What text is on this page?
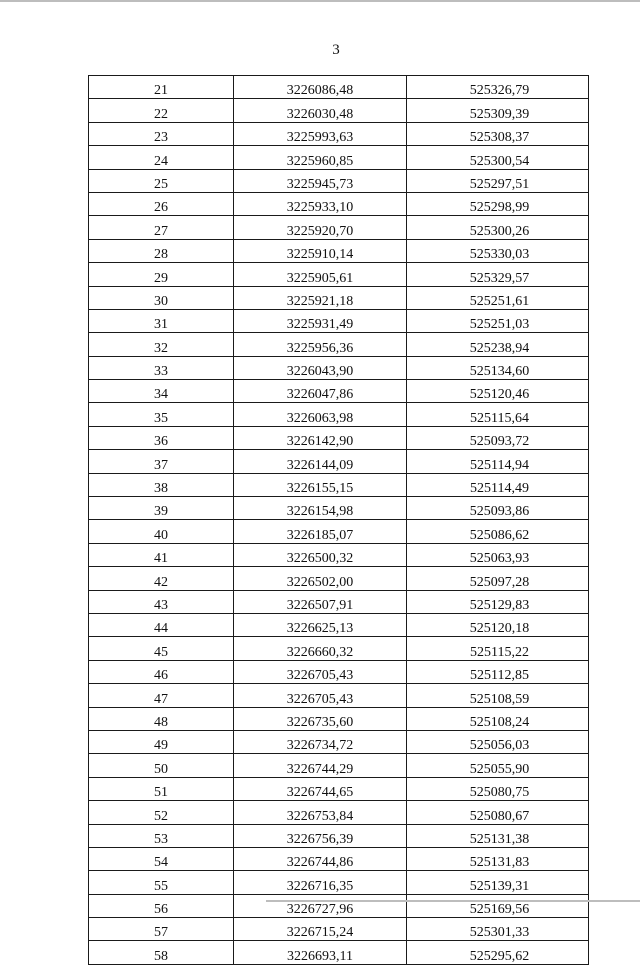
3
21	3226086,48	525326,79
22	3226030,48	525309,39
23	3225993,63	525308,37
24	3225960,85	525300,54
25	3225945,73	525297,51
26	3225933,10	525298,99
27	3225920,70	525300,26
28	3225910,14	525330,03
29	3225905,61	525329,57
30	3225921,18	525251,61
31	3225931,49	525251,03
32	3225956,36	525238,94
33	3226043,90	525134,60
34	3226047,86	525120,46
35	3226063,98	525115,64
36	3226142,90	525093,72
37	3226144,09	525114,94
38	3226155,15	525114,49
39	3226154,98	525093,86
40	3226185,07	525086,62
41	3226500,32	525063,93
42	3226502,00	525097,28
43	3226507,91	525129,83
44	3226625,13	525120,18
45	3226660,32	525115,22
46	3226705,43	525112,85
47	3226705,43	525108,59
48	3226735,60	525108,24
49	3226734,72	525056,03
50	3226744,29	525055,90
51	3226744,65	525080,75
52	3226753,84	525080,67
53	3226756,39	525131,38
54	3226744,86	525131,83
55	3226716,35	525139,31
56	3226727,96	525169,56
57	3226715,24	525301,33
58	3226693,11	525295,62
